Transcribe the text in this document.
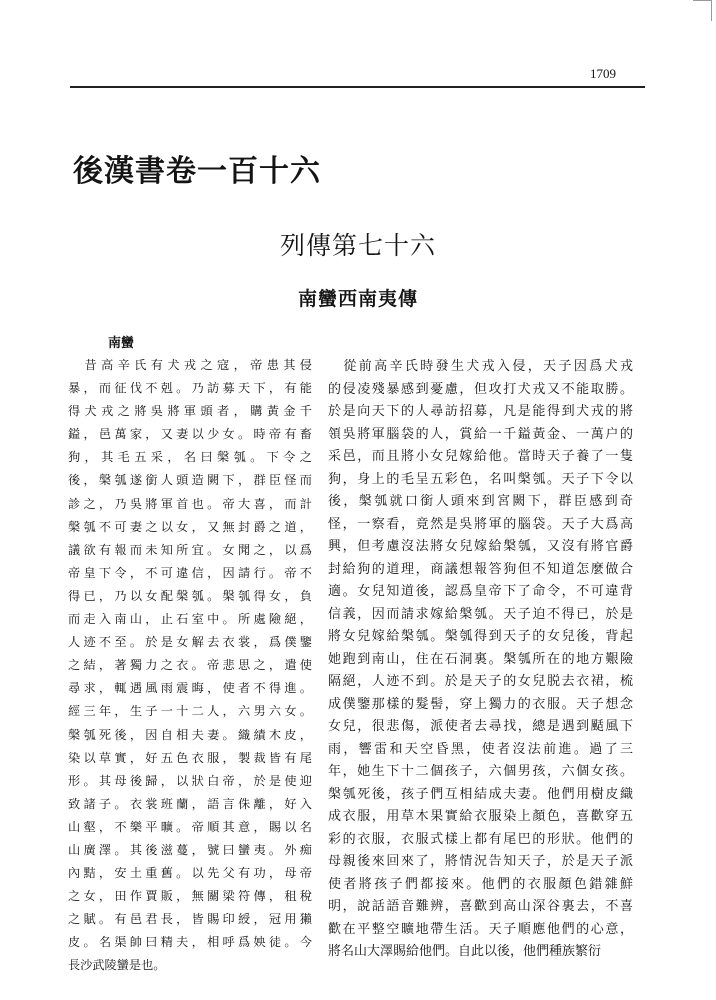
1709
後漢書卷一百十六
列傳第七十六
南蠻西南夷傳
南蠻
　昔高辛氏有犬戎之寇，帝患其侵
暴，而征伐不剋。乃訪募天下，有能
得犬戎之將吳將軍頭者，購黃金千
鎰，邑萬家，又妻以少女。時帝有畜
狗，其毛五采，名曰槃瓠。下令之
後，槃瓠遂銜人頭造闕下，群臣怪而
診之，乃吳將軍首也。帝大喜，而計
槃瓠不可妻之以女，又無封爵之道，
議欲有報而未知所宜。女聞之，以爲
帝皇下令，不可違信，因請行。帝不
得已，乃以女配槃瓠。槃瓠得女，負
而走入南山，止石室中。所處險絕，
人迹不至。於是女解去衣裳，爲僕鑒
之結，著獨力之衣。帝悲思之，遣使
尋求，輒遇風雨震晦，使者不得進。
經三年，生子一十二人，六男六女。
槃瓠死後，因自相夫妻。織績木皮，
染以草實，好五色衣服，製裁皆有尾
形。其母後歸，以狀白帝，於是使迎
致諸子。衣裳班蘭，語言侏離，好入
山壑，不樂平曠。帝順其意，賜以名
山廣澤。其後滋蔓，號曰蠻夷。外痴
內黠，安土重舊。以先父有功，母帝
之女，田作賈販，無關梁符傳，租稅
之賦。有邑君長，皆賜印綬，冠用獺
皮。名渠帥曰精夫，相呼爲姎徒。今
長沙武陵蠻是也。
　從前高辛氏時發生犬戎入侵，天子因爲犬戎
的侵凌殘暴感到憂慮，但攻打犬戎又不能取勝。
於是向天下的人尋訪招募，凡是能得到犬戎的將
領吳將軍腦袋的人，賞給一千鎰黃金、一萬户的
采邑，而且將小女兒嫁給他。當時天子養了一隻
狗，身上的毛呈五彩色，名叫槃瓠。天子下令以
後，槃瓠就口銜人頭來到宮闕下，群臣感到奇
怪，一察看，竟然是吳將軍的腦袋。天子大爲高
興，但考慮沒法將女兒嫁給槃瓠，又沒有將官爵
封給狗的道理，商議想報答狗但不知道怎麼做合
適。女兒知道後，認爲皇帝下了命令，不可違背
信義，因而請求嫁給槃瓠。天子迫不得已，於是
將女兒嫁給槃瓠。槃瓠得到天子的女兒後，背起
她跑到南山，住在石洞裏。槃瓠所在的地方艱險
隔絕，人迹不到。於是天子的女兒脱去衣裙，梳
成僕鑒那樣的髮髻，穿上獨力的衣服。天子想念
女兒，很悲傷，派使者去尋找，總是遇到颳風下
雨，響雷和天空昏黑，使者沒法前進。過了三
年，她生下十二個孩子，六個男孩，六個女孩。
槃瓠死後，孩子們互相結成夫妻。他們用樹皮織
成衣服，用草木果實給衣服染上顏色，喜歡穿五
彩的衣服，衣服式樣上都有尾巴的形狀。他們的
母親後來回來了，將情況告知天子，於是天子派
使者將孩子們都接來。他們的衣服顏色錯雜鮮
明，說話語音難辨，喜歡到高山深谷裏去，不喜
歡在平整空曠地帶生活。天子順應他們的心意，
將名山大澤賜給他們。自此以後，他們種族繁衍
